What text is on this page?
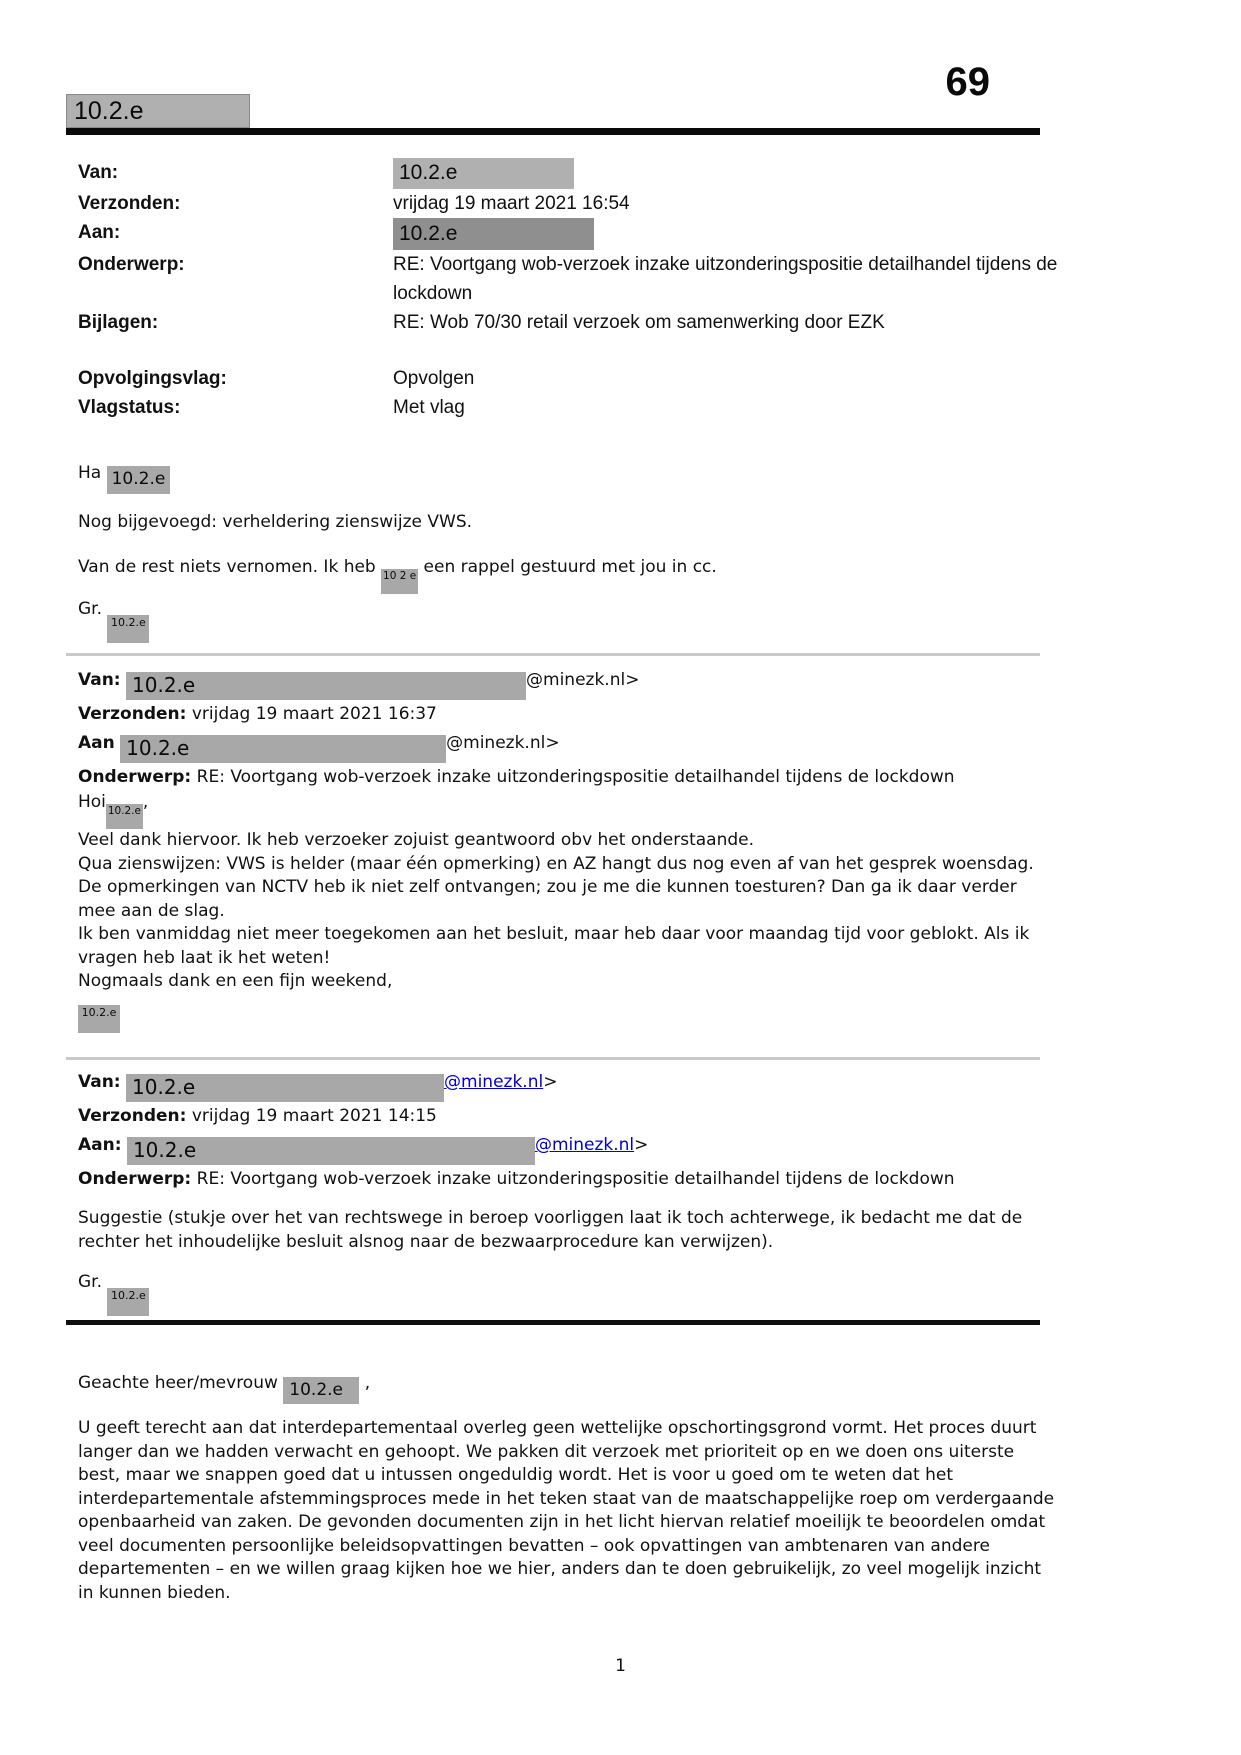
10.2.e
69
Van:	10.2.e
Verzonden:	vrijdag 19 maart 2021 16:54
Aan:	10.2.e
Onderwerp:	RE: Voortgang wob-verzoek inzake uitzonderingspositie detailhandel tijdens de lockdown
Bijlagen:	RE: Wob 70/30 retail verzoek om samenwerking door EZK
Opvolgingsvlag:	Opvolgen
Vlagstatus:	Met vlag
Ha 10.2.e
Nog bijgevoegd: verheldering zienswijze VWS.
Van de rest niets vernomen. Ik heb 10 2 e een rappel gestuurd met jou in cc.
Gr. 10.2.e
Van: 10.2.e	@minezk.nl>
Verzonden: vrijdag 19 maart 2021 16:37
Aan 10.2.e	@minezk.nl>
Onderwerp: RE: Voortgang wob-verzoek inzake uitzonderingspositie detailhandel tijdens de lockdown
Hoi 10.2.e ,
Veel dank hiervoor. Ik heb verzoeker zojuist geantwoord obv het onderstaande.
Qua zienswijzen: VWS is helder (maar één opmerking) en AZ hangt dus nog even af van het gesprek woensdag.
De opmerkingen van NCTV heb ik niet zelf ontvangen; zou je me die kunnen toesturen? Dan ga ik daar verder
mee aan de slag.
Ik ben vanmiddag niet meer toegekomen aan het besluit, maar heb daar voor maandag tijd voor geblokt. Als ik
vragen heb laat ik het weten!
Nogmaals dank en een fijn weekend,
10.2.e
Van: 10.2.e	@minezk.nl>
Verzonden: vrijdag 19 maart 2021 14:15
Aan: 10.2.e	@minezk.nl>
Onderwerp: RE: Voortgang wob-verzoek inzake uitzonderingspositie detailhandel tijdens de lockdown
Suggestie (stukje over het van rechtswege in beroep voorliggen laat ik toch achterwege, ik bedacht me dat de
rechter het inhoudelijke besluit alsnog naar de bezwaarprocedure kan verwijzen).
Gr. 10.2.e
Geachte heer/mevrouw 10.2.e ,
U geeft terecht aan dat interdepartementaal overleg geen wettelijke opschortingsgrond vormt. Het proces duurt
langer dan we hadden verwacht en gehoopt. We pakken dit verzoek met prioriteit op en we doen ons uiterste
best, maar we snappen goed dat u intussen ongeduldig wordt. Het is voor u goed om te weten dat het
interdepartementale afstemmingsproces mede in het teken staat van de maatschappelijke roep om verdergaande
openbaarheid van zaken. De gevonden documenten zijn in het licht hiervan relatief moeilijk te beoordelen omdat
veel documenten persoonlijke beleidsopvattingen bevatten – ook opvattingen van ambtenaren van andere
departementen – en we willen graag kijken hoe we hier, anders dan te doen gebruikelijk, zo veel mogelijk inzicht
in kunnen bieden.
1
